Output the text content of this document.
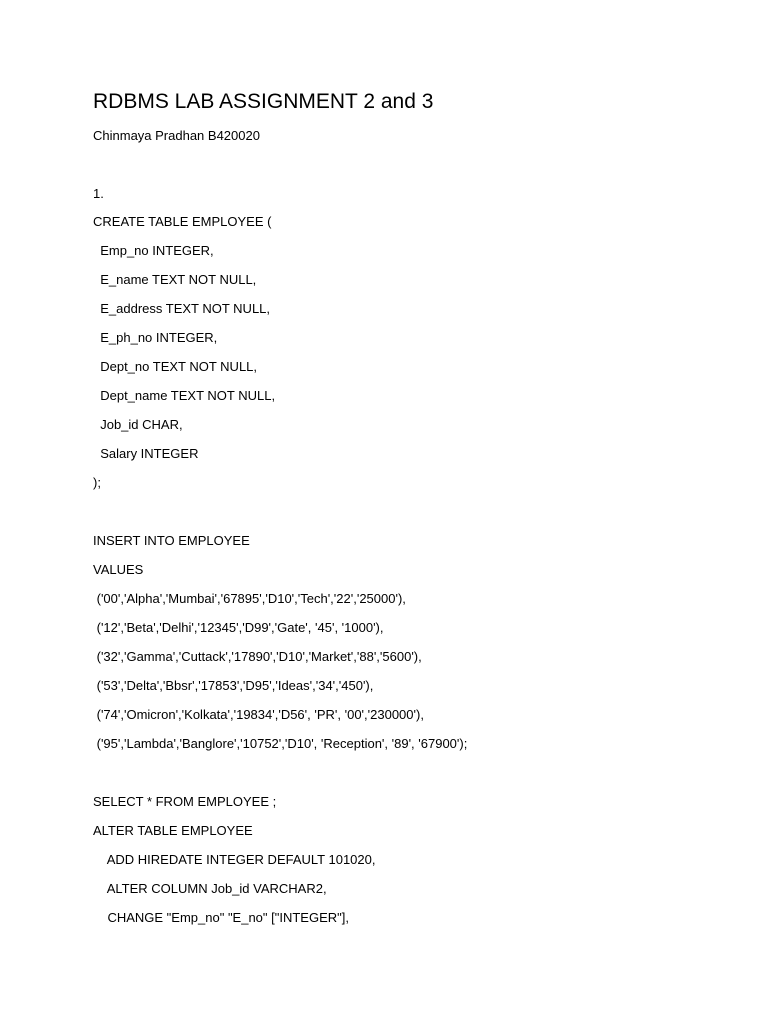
RDBMS LAB ASSIGNMENT 2 and 3
Chinmaya Pradhan B420020
1.
CREATE TABLE EMPLOYEE (
Emp_no INTEGER,
E_name TEXT NOT NULL,
E_address TEXT NOT NULL,
E_ph_no INTEGER,
Dept_no TEXT NOT NULL,
Dept_name TEXT NOT NULL,
Job_id CHAR,
Salary INTEGER
);
INSERT INTO EMPLOYEE
VALUES
('00','Alpha','Mumbai','67895','D10','Tech','22','25000'),
('12','Beta','Delhi','12345','D99','Gate', '45', '1000'),
('32','Gamma','Cuttack','17890','D10','Market','88','5600'),
('53','Delta','Bbsr','17853','D95','Ideas','34','450'),
('74','Omicron','Kolkata','19834','D56', 'PR', '00','230000'),
('95','Lambda','Banglore','10752','D10', 'Reception', '89', '67900');
SELECT * FROM EMPLOYEE ;
ALTER TABLE EMPLOYEE
ADD HIREDATE INTEGER DEFAULT 101020,
ALTER COLUMN Job_id VARCHAR2,
CHANGE "Emp_no" "E_no" ["INTEGER"],
